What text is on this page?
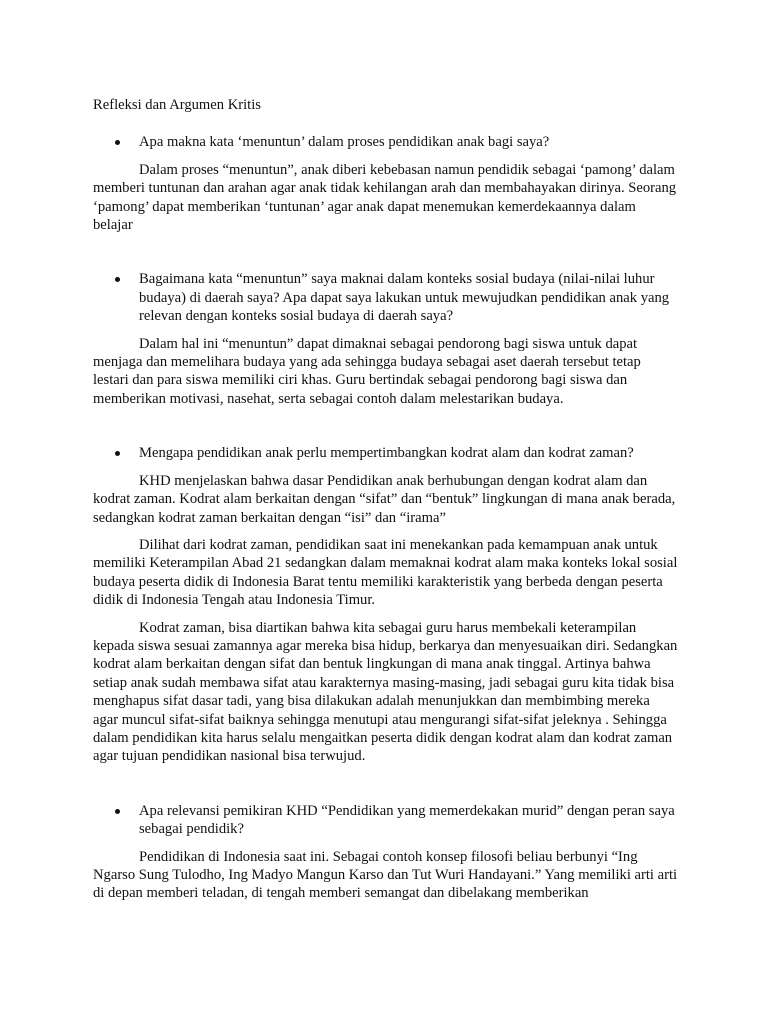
Refleksi dan Argumen Kritis

Apa makna kata ‘menuntun’ dalam proses pendidikan anak bagi saya?

Dalam proses “menuntun”, anak diberi kebebasan namun pendidik sebagai ‘pamong’ dalam memberi tuntunan dan arahan agar anak tidak kehilangan arah dan membahayakan dirinya. Seorang ‘pamong’ dapat memberikan ‘tuntunan’ agar anak dapat menemukan kemerdekaannya dalam belajar

Bagaimana kata “menuntun” saya maknai dalam konteks sosial budaya (nilai-nilai luhur budaya) di daerah saya? Apa dapat saya lakukan untuk mewujudkan pendidikan anak yang relevan dengan konteks sosial budaya di daerah saya?

Dalam hal ini “menuntun” dapat dimaknai sebagai pendorong bagi siswa untuk dapat menjaga dan memelihara budaya yang ada sehingga budaya sebagai aset daerah tersebut tetap lestari dan para siswa memiliki ciri khas. Guru bertindak sebagai pendorong bagi siswa dan memberikan motivasi, nasehat, serta sebagai contoh dalam melestarikan budaya.

Mengapa pendidikan anak perlu mempertimbangkan kodrat alam dan kodrat zaman?

KHD menjelaskan bahwa dasar Pendidikan anak berhubungan dengan kodrat alam dan kodrat zaman. Kodrat alam berkaitan dengan “sifat” dan “bentuk” lingkungan di mana anak berada, sedangkan kodrat zaman berkaitan dengan “isi” dan “irama”

Dilihat dari kodrat zaman, pendidikan saat ini menekankan pada kemampuan anak untuk memiliki Keterampilan Abad 21 sedangkan dalam memaknai kodrat alam maka konteks lokal sosial budaya peserta didik di Indonesia Barat tentu memiliki karakteristik yang berbeda dengan peserta didik di Indonesia Tengah atau Indonesia Timur.

Kodrat zaman, bisa diartikan bahwa kita sebagai guru harus membekali keterampilan kepada siswa sesuai zamannya agar mereka bisa hidup, berkarya dan menyesuaikan diri. Sedangkan kodrat alam berkaitan dengan sifat dan bentuk lingkungan di mana anak tinggal. Artinya bahwa setiap anak sudah membawa sifat atau karakternya masing-masing, jadi sebagai guru kita tidak bisa menghapus sifat dasar tadi, yang bisa dilakukan adalah menunjukkan dan membimbing mereka agar muncul sifat-sifat baiknya sehingga menutupi atau mengurangi sifat-sifat jeleknya . Sehingga dalam pendidikan kita harus selalu mengaitkan peserta didik dengan kodrat alam dan kodrat zaman agar tujuan pendidikan nasional bisa terwujud.

Apa relevansi pemikiran KHD “Pendidikan yang memerdekakan murid” dengan peran saya sebagai pendidik?

Pendidikan di Indonesia saat ini. Sebagai contoh konsep filosofi beliau berbunyi “Ing Ngarso Sung Tulodho, Ing Madyo Mangun Karso dan Tut Wuri Handayani.” Yang memiliki arti arti di depan memberi teladan, di tengah memberi semangat dan dibelakang memberikan
